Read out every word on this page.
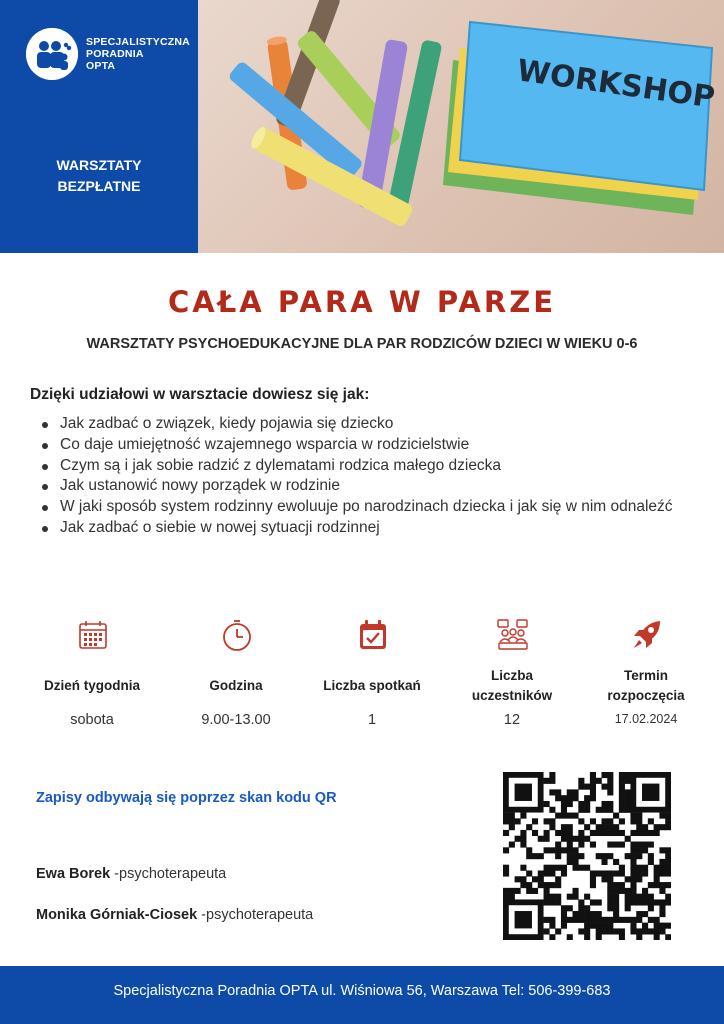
SPECJALISTYCZNA
PORADNIA
OPTA
WARSZTATY
BEZPŁATNE
WORKSHOP
CAŁA PARA W PARZE
WARSZTATY PSYCHOEDUKACYJNE DLA PAR RODZICÓW DZIECI W WIEKU 0-6
Dzięki udziałowi w warsztacie dowiesz się jak:
Jak zadbać o związek, kiedy pojawia się dziecko
Co daje umiejętność wzajemnego wsparcia w rodzicielstwie
Czym są i jak sobie radzić z dylematami rodzica małego dziecka
Jak ustanowić nowy porządek w rodzinie
W jaki sposób system rodzinny ewoluuje po narodzinach dziecka i jak się w nim odnaleźć
Jak zadbać o siebie w nowej sytuacji rodzinnej
Dzień tygodnia
sobota
Godzina
9.00-13.00
Liczba spotkań
1
Liczba
uczestników
12
Termin
rozpoczęcia
17.02.2024
Zapisy odbywają się poprzez skan kodu QR
Ewa Borek -psychoterapeuta
Monika Górniak-Ciosek -psychoterapeuta
Specjalistyczna Poradnia OPTA ul. Wiśniowa 56, Warszawa Tel: 506-399-683
